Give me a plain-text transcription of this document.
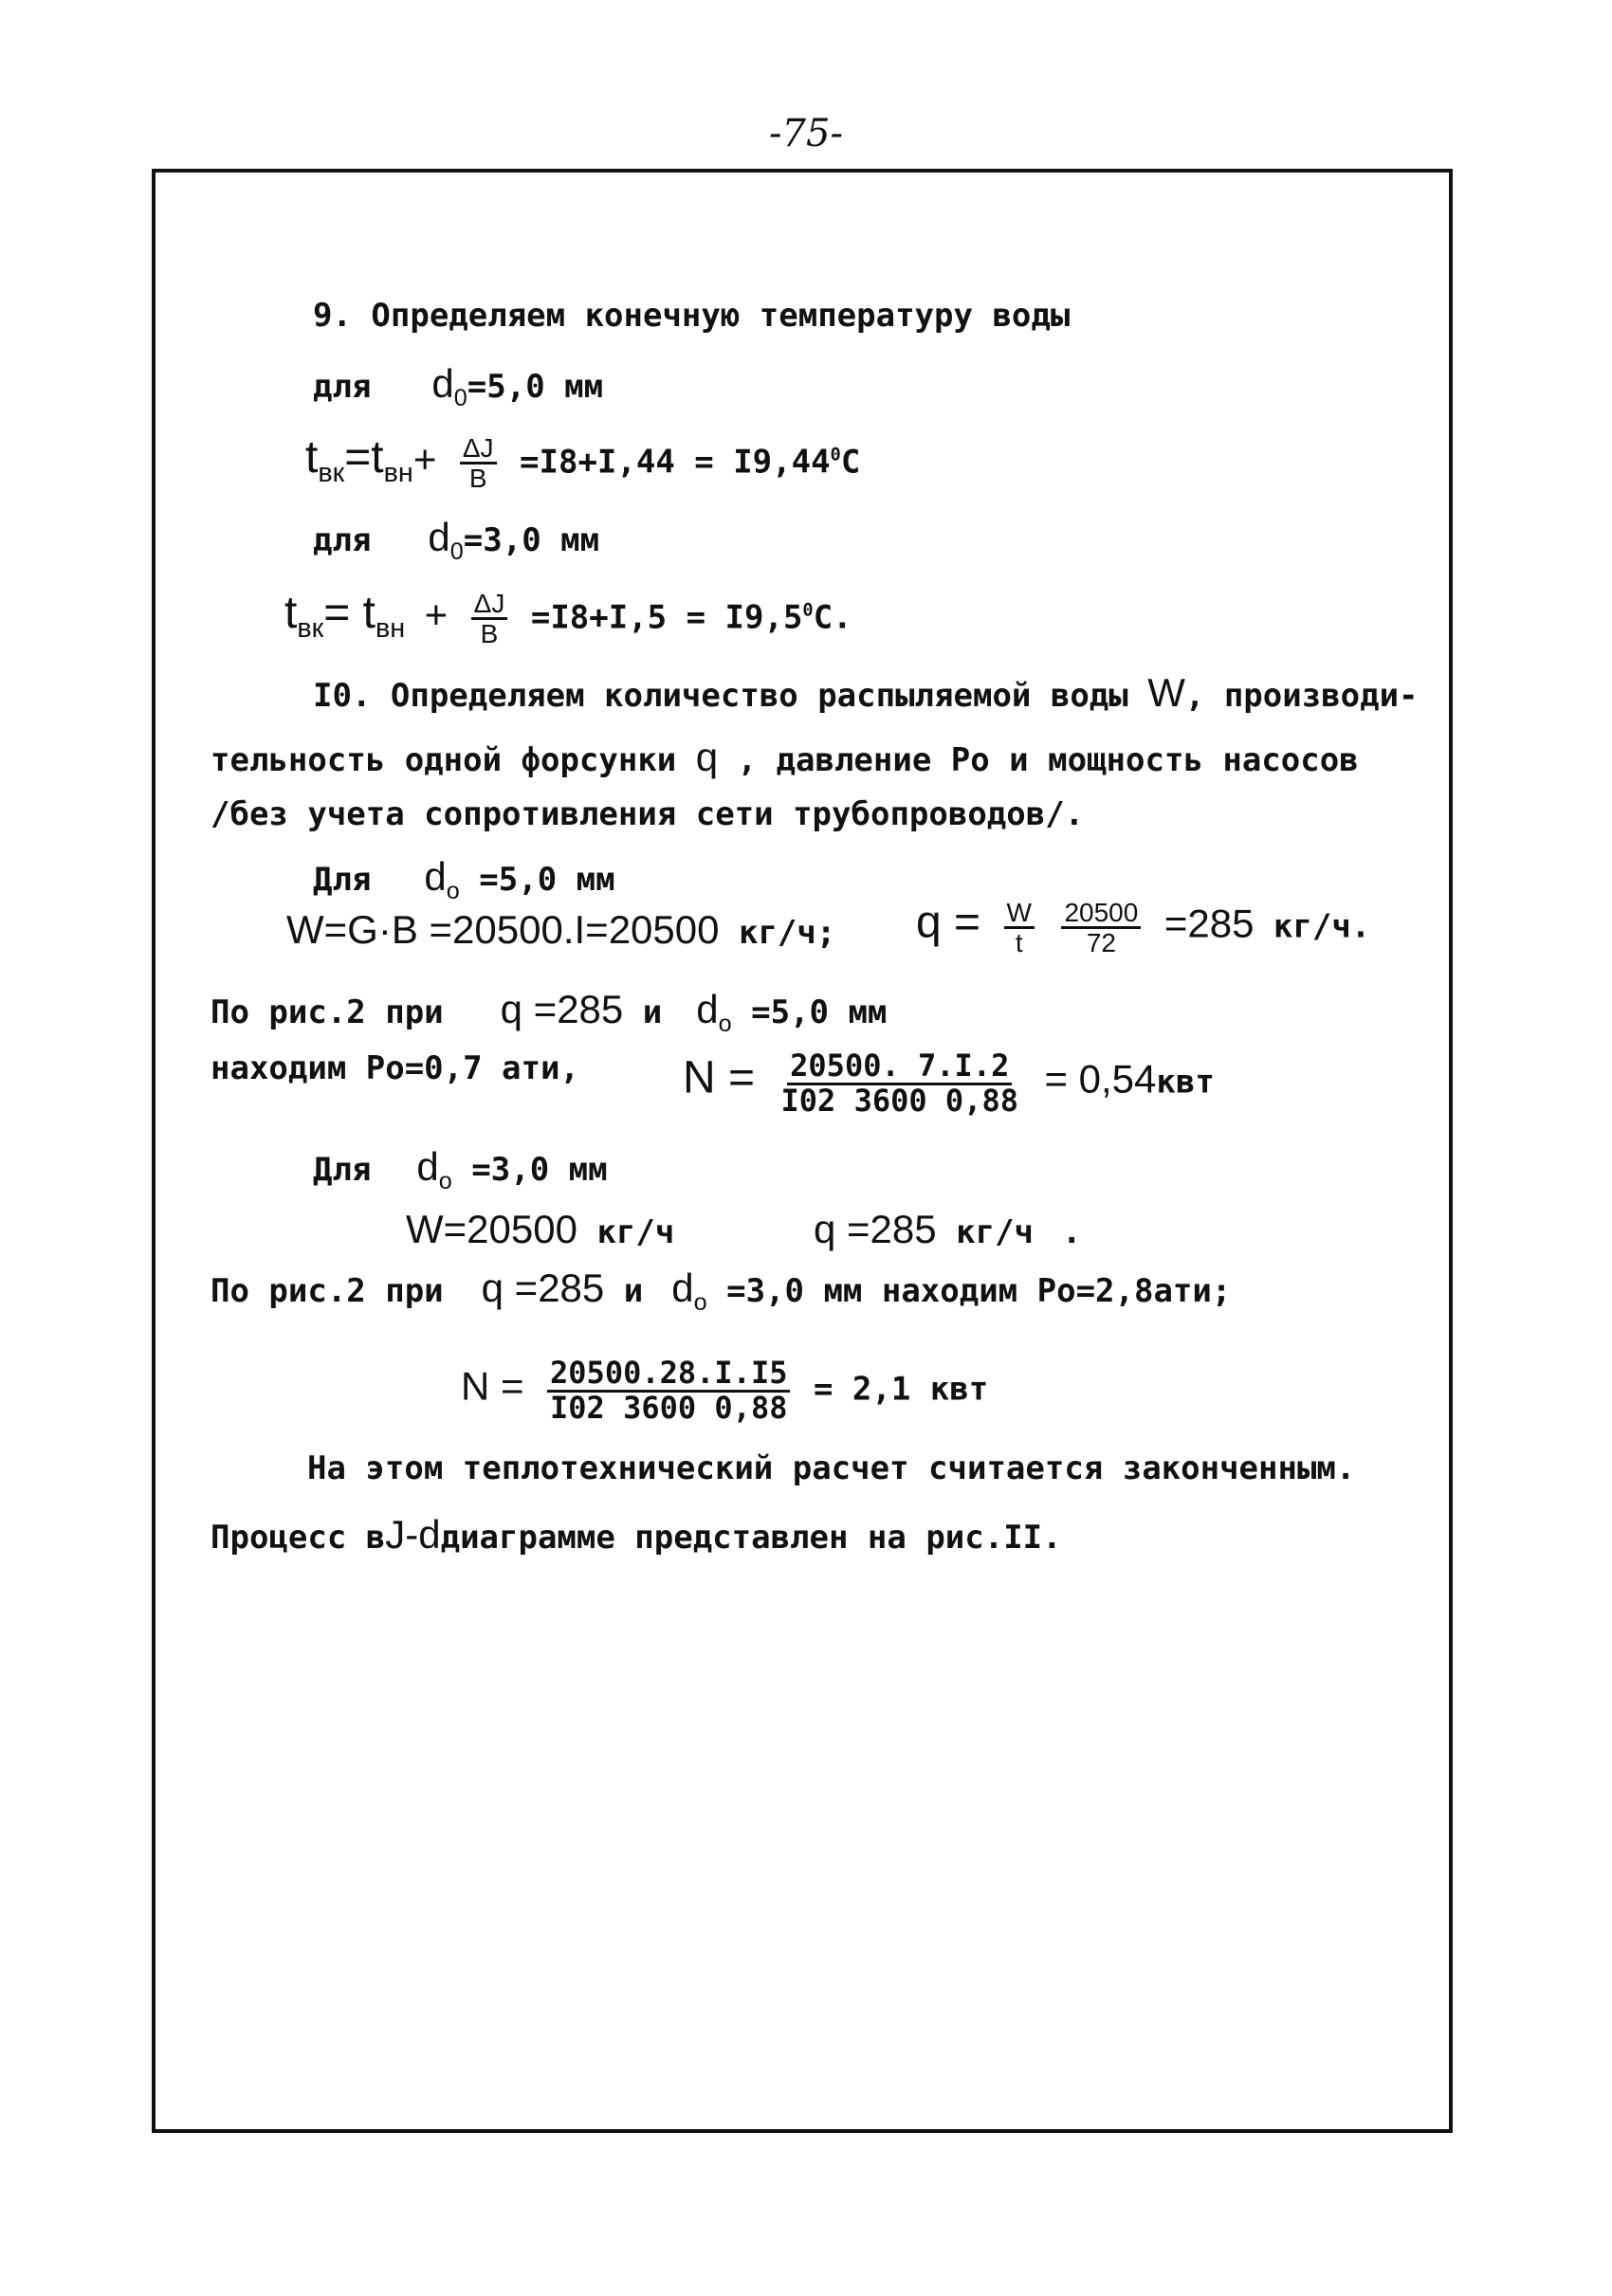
-75-
9. Определяем конечную температуру воды
для $d_0=5,0$ мм
$t_{вк}=t_{вн}+ \frac{\Delta J}{B} =I8+I,44 = I9,44^0C$
для $d_0=3,0$ мм
$t_{вк}= t_{вн} + \frac{\Delta J}{B} =I8+I,5 = I9,5^0C$.
I0. Определяем количество распыляемой воды W, производи-
тельность одной форсунки q , давление Ро и мощность насосов
/без учета сопротивления сети трубопроводов/.
Для $d_o =5,0$ мм
W=G·B =20500.I=20500 кг/ч; $q = \frac{W}{t}$
$\frac{20500}{72} =285$ кг/ч.
По рис.2 при q =285 и $d_o =5,0$ мм
находим Ро=0,7 ати, $N = \frac{20500. 7.I.2}{I02 3600 0,88} = 0,54квт$
Для $d_o =3,0$ мм
W=20500 кг/ч	q =285 кг/ч .
По рис.2 при q =285 и $d_o =3,0$ мм находим Ро=2,8ати;
$N = \frac{20500.28.I.I5}{I02 3600 0,88} = 2,1$ квт
На этом теплотехнический расчет считается законченным.
Процесс вJ-dдиаграмме представлен на рис.II.
